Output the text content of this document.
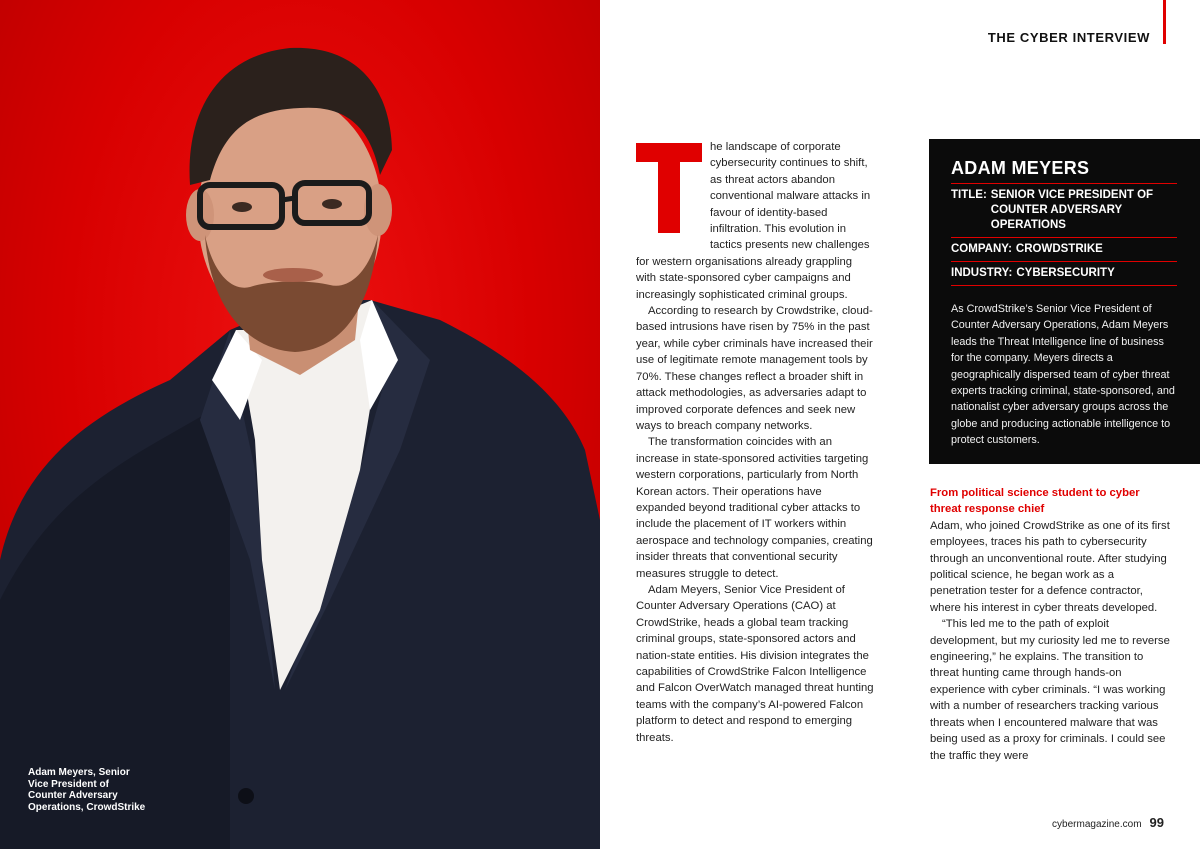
Adam Meyers, Senior Vice President of Counter Adversary Operations, CrowdStrike
THE CYBER INTERVIEW

he landscape of corporate cybersecurity continues to shift, as threat actors abandon conventional malware attacks in favour of identity-based infiltration. This evolution in tactics presents new challenges for western organisations already grappling with state-sponsored cyber campaigns and increasingly sophisticated criminal groups.

According to research by Crowdstrike, cloud-based intrusions have risen by 75% in the past year, while cyber criminals have increased their use of legitimate remote management tools by 70%. These changes reflect a broader shift in attack methodologies, as adversaries adapt to improved corporate defences and seek new ways to breach company networks.

The transformation coincides with an increase in state-sponsored activities targeting western corporations, particularly from North Korean actors. Their operations have expanded beyond traditional cyber attacks to include the placement of IT workers within aerospace and technology companies, creating insider threats that conventional security measures struggle to detect.

Adam Meyers, Senior Vice President of Counter Adversary Operations (CAO) at CrowdStrike, heads a global team tracking criminal groups, state-sponsored actors and nation-state entities. His division integrates the capabilities of CrowdStrike Falcon Intelligence and Falcon OverWatch managed threat hunting teams with the company’s AI-powered Falcon platform to detect and respond to emerging threats.

ADAM MEYERS
TITLE: SENIOR VICE PRESIDENT OF COUNTER ADVERSARY OPERATIONS
COMPANY: CROWDSTRIKE
INDUSTRY: CYBERSECURITY
As CrowdStrike’s Senior Vice President of Counter Adversary Operations, Adam Meyers leads the Threat Intelligence line of business for the company. Meyers directs a geographically dispersed team of cyber threat experts tracking criminal, state-sponsored, and nationalist cyber adversary groups across the globe and producing actionable intelligence to protect customers.
From political science student to cyber threat response chief

Adam, who joined CrowdStrike as one of its first employees, traces his path to cybersecurity through an unconventional route. After studying political science, he began work as a penetration tester for a defence contractor, where his interest in cyber threats developed.

“This led me to the path of exploit development, but my curiosity led me to reverse engineering,” he explains. The transition to threat hunting came through hands-on experience with cyber criminals. “I was working with a number of researchers tracking various threats when I encountered malware that was being used as a proxy for criminals. I could see the traffic they were

cybermagazine.com 99
